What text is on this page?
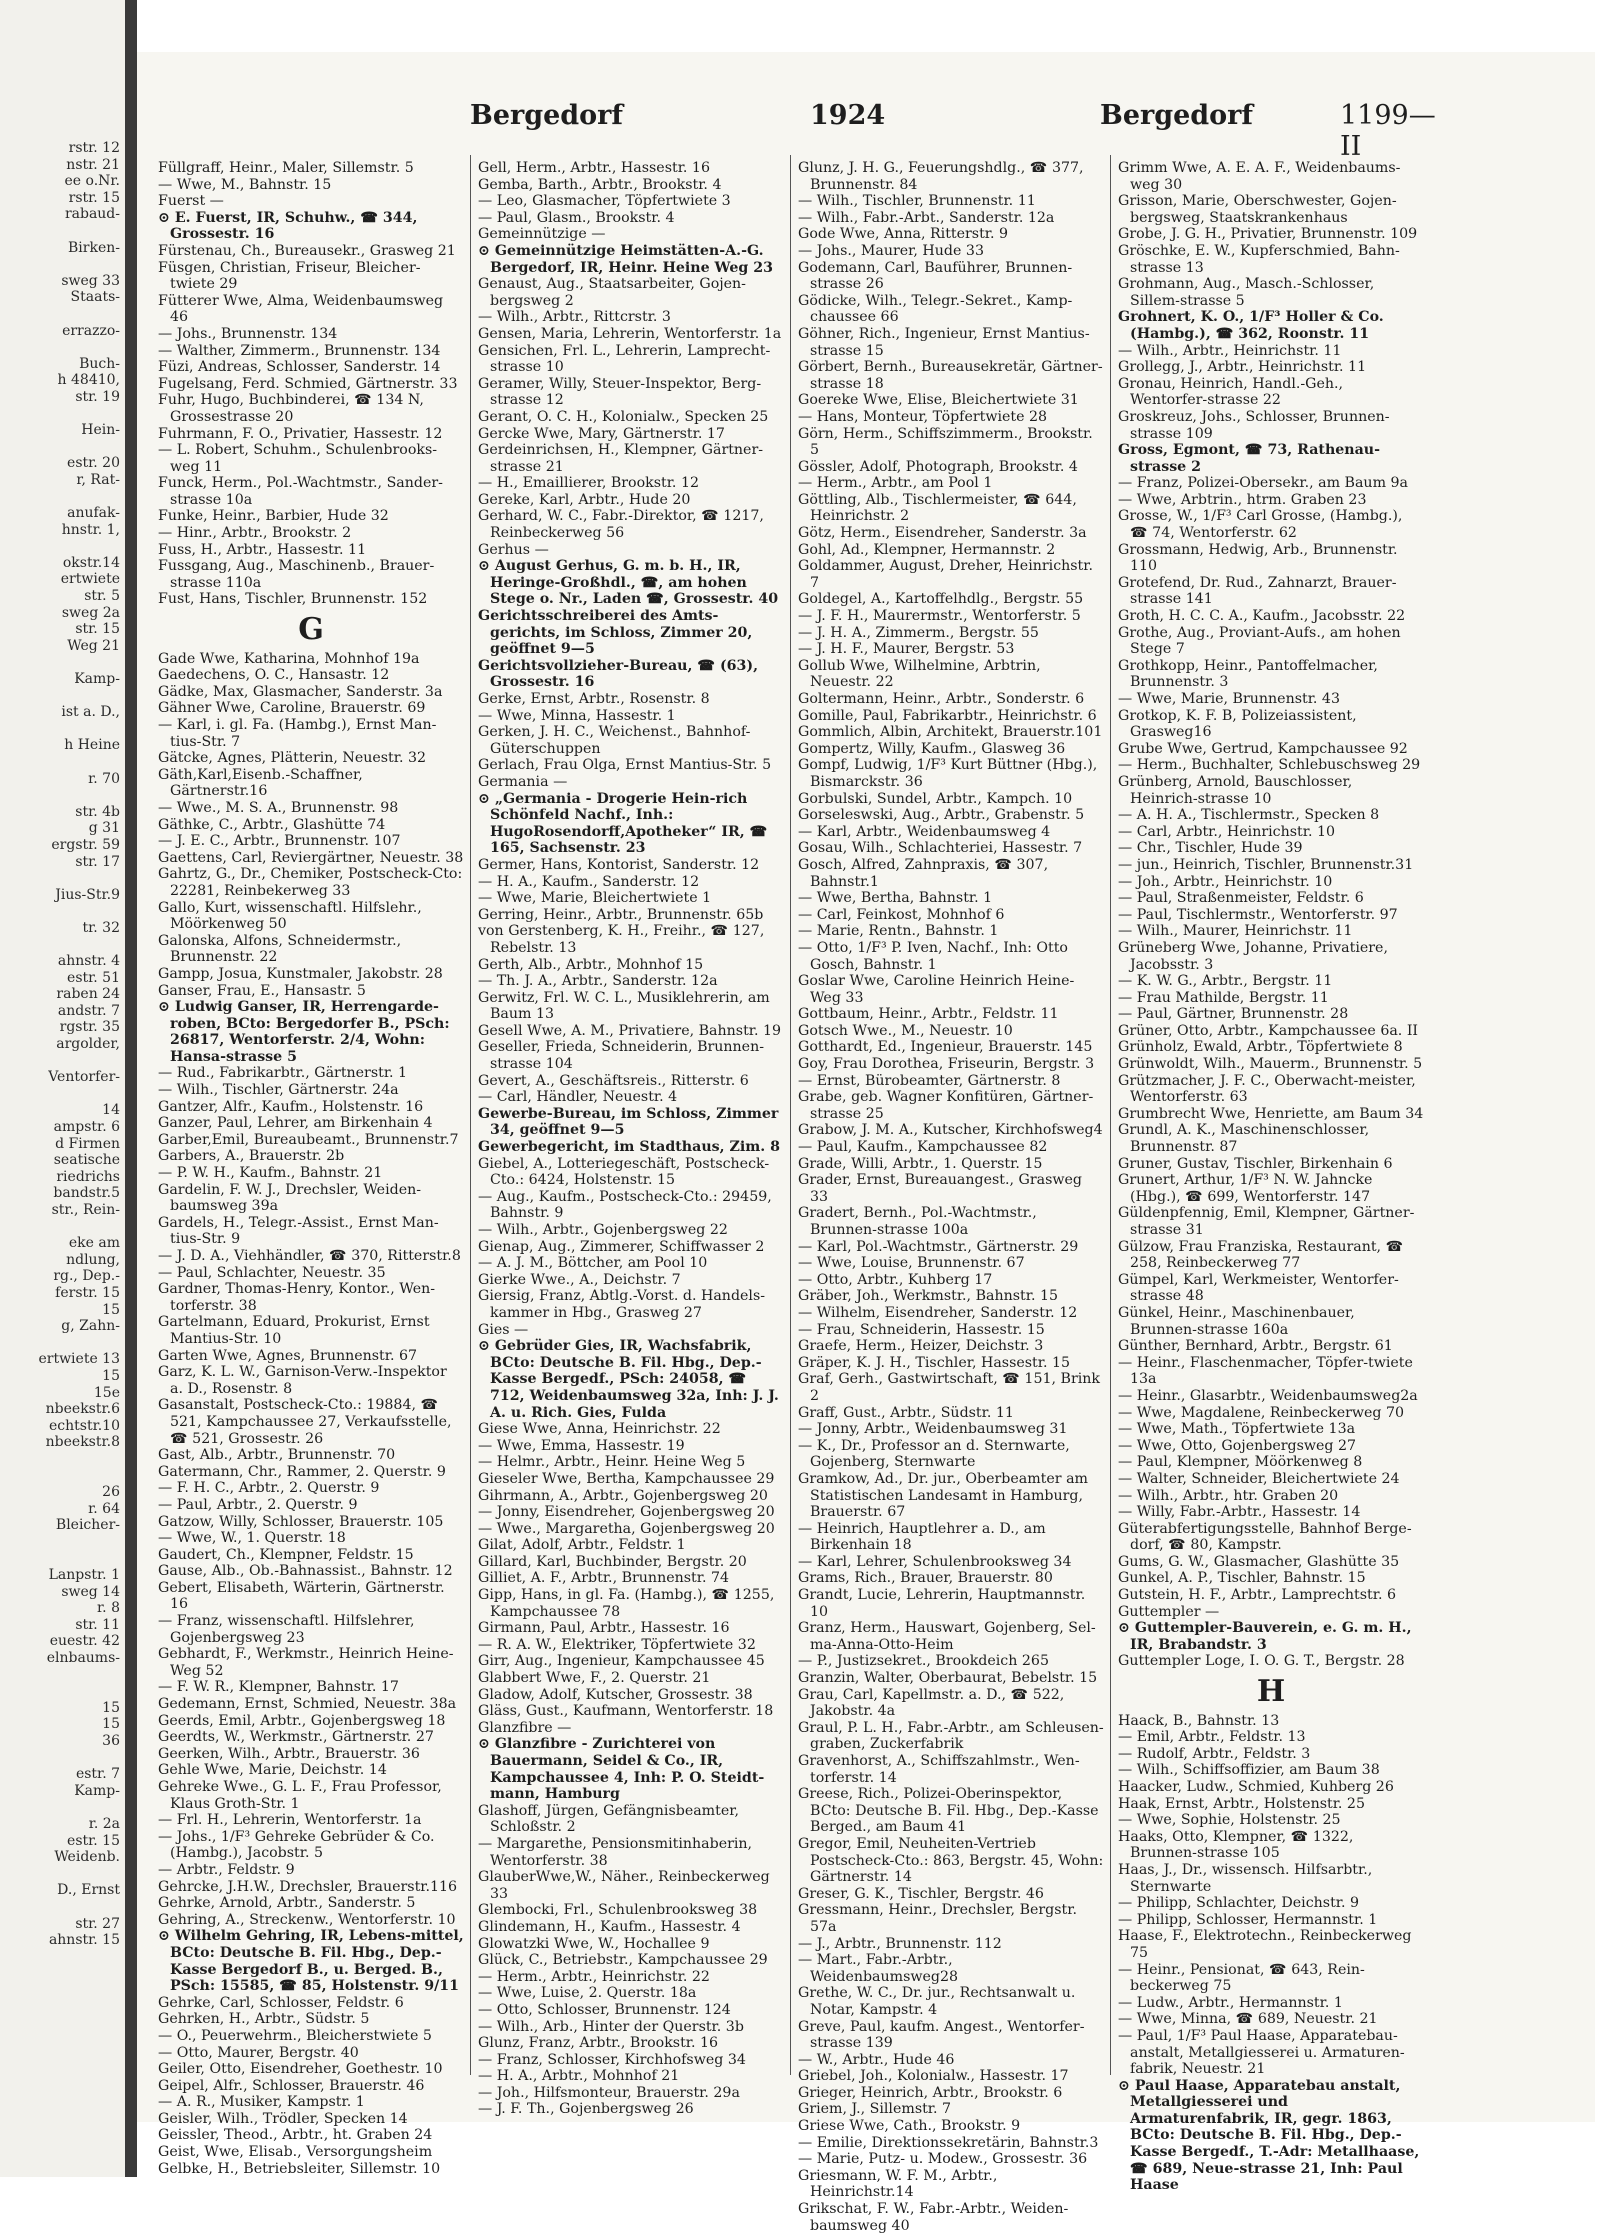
rstr. 12
nstr. 21
ee o.Nr.
rstr. 15
rabaud-

Birken-

sweg 33
Staats-

errazzo-

Buch-
h 48410,
str. 19

Hein-

estr. 20
r, Rat-

anufak-
hnstr. 1,

okstr.14
ertwiete
str. 5
sweg 2a
str. 15
Weg 21

Kamp-

ist a. D.,

h Heine

r. 70

str. 4b
g 31
ergstr. 59
str. 17

Jius-Str.9

tr. 32

ahnstr. 4
estr. 51
raben 24
andstr. 7
rgstr. 35
argolder,

Ventorfer-

14
ampstr. 6
d Firmen
seatische
riedrichs
bandstr.5
str., Rein-

eke am
ndlung,
rg., Dep.-
ferstr. 15
15
g, Zahn-

ertwiete 13
15
15e
nbeekstr.6
echtstr.10
nbeekstr.8

26
r. 64
Bleicher-

Lanpstr. 1
sweg 14
r. 8
str. 11
euestr. 42
elnbaums-

15
15
36

estr. 7
Kamp-

r. 2a
estr. 15
Weidenb.

D., Ernst

str. 27
ahnstr. 15
Bergedorf	1924	Bergedorf	1199—II
Füllgraff, Heinr., Maler, Sillemstr. 5
— Wwe, M., Bahnstr. 15
Fuerst —
⊙ E. Fuerst, IR, Schuhw., ☎ 344, Grossestr. 16
Fürstenau, Ch., Bureausekr., Grasweg 21
Füsgen, Christian, Friseur, Bleicher-twiete 29
Fütterer Wwe, Alma, Weidenbaumsweg 46
— Johs., Brunnenstr. 134
— Walther, Zimmerm., Brunnenstr. 134
Füzi, Andreas, Schlosser, Sanderstr. 14
Fugelsang, Ferd. Schmied, Gärtnerstr. 33
Fuhr, Hugo, Buchbinderei, ☎ 134 N, Grossestrasse 20
Fuhrmann, F. O., Privatier, Hassestr. 12
— L. Robert, Schuhm., Schulenbrooks-weg 11
Funck, Herm., Pol.-Wachtmstr., Sander-strasse 10a
Funke, Heinr., Barbier, Hude 32
— Hinr., Arbtr., Brookstr. 2
Fuss, H., Arbtr., Hassestr. 11
Fussgang, Aug., Maschinenb., Brauer-strasse 110a
Fust, Hans, Tischler, Brunnenstr. 152
G
Gade Wwe, Katharina, Mohnhof 19a
Gaedechens, O. C., Hansastr. 12
Gädke, Max, Glasmacher, Sanderstr. 3a
Gähner Wwe, Caroline, Brauerstr. 69
— Karl, i. gl. Fa. (Hambg.), Ernst Man-tius-Str. 7
Gätcke, Agnes, Plätterin, Neuestr. 32
Gäth,Karl,Eisenb.-Schaffner, Gärtnerstr.16
— Wwe., M. S. A., Brunnenstr. 98
Gäthke, C., Arbtr., Glashütte 74
— J. E. C., Arbtr., Brunnenstr. 107
Gaettens, Carl, Reviergärtner, Neuestr. 38
Gahrtz, G., Dr., Chemiker, Postscheck-Cto: 22281, Reinbekerweg 33
Gallo, Kurt, wissenschaftl. Hilfslehr., Möörkenweg 50
Galonska, Alfons, Schneidermstr., Brunnenstr. 22
Gampp, Josua, Kunstmaler, Jakobstr. 28
Ganser, Frau, E., Hansastr. 5
⊙ Ludwig Ganser, IR, Herrengarde-roben, BCto: Bergedorfer B., PSch: 26817, Wentorferstr. 2/4, Wohn: Hansa-strasse 5
— Rud., Fabrikarbtr., Gärtnerstr. 1
— Wilh., Tischler, Gärtnerstr. 24a
Gantzer, Alfr., Kaufm., Holstenstr. 16
Ganzer, Paul, Lehrer, am Birkenhain 4
Garber,Emil, Bureaubeamt., Brunnenstr.7
Garbers, A., Brauerstr. 2b
— P. W. H., Kaufm., Bahnstr. 21
Gardelin, F. W. J., Drechsler, Weiden-baumsweg 39a
Gardels, H., Telegr.-Assist., Ernst Man-tius-Str. 9
— J. D. A., Viehhändler, ☎ 370, Ritterstr.8
— Paul, Schlachter, Neuestr. 35
Gardner, Thomas-Henry, Kontor., Wen-torferstr. 38
Gartelmann, Eduard, Prokurist, Ernst Mantius-Str. 10
Garten Wwe, Agnes, Brunnenstr. 67
Garz, K. L. W., Garnison-Verw.-Inspektor a. D., Rosenstr. 8
Gasanstalt, Postscheck-Cto.: 19884, ☎ 521, Kampchaussee 27, Verkaufsstelle, ☎ 521, Grossestr. 26
Gast, Alb., Arbtr., Brunnenstr. 70
Gatermann, Chr., Rammer, 2. Querstr. 9
— F. H. C., Arbtr., 2. Querstr. 9
— Paul, Arbtr., 2. Querstr. 9
Gatzow, Willy, Schlosser, Brauerstr. 105
— Wwe, W., 1. Querstr. 18
Gaudert, Ch., Klempner, Feldstr. 15
Gause, Alb., Ob.-Bahnassist., Bahnstr. 12
Gebert, Elisabeth, Wärterin, Gärtnerstr. 16
— Franz, wissenschaftl. Hilfslehrer, Gojenbergsweg 23
Gebhardt, F., Werkmstr., Heinrich Heine-Weg 52
— F. W. R., Klempner, Bahnstr. 17
Gedemann, Ernst, Schmied, Neuestr. 38a
Geerds, Emil, Arbtr., Gojenbergsweg 18
Geerdts, W., Werkmstr., Gärtnerstr. 27
Geerken, Wilh., Arbtr., Brauerstr. 36
Gehle Wwe, Marie, Deichstr. 14
Gehreke Wwe., G. L. F., Frau Professor, Klaus Groth-Str. 1
— Frl. H., Lehrerin, Wentorferstr. 1a
— Johs., 1/F³ Gehreke Gebrüder & Co. (Hambg.), Jacobstr. 5
— Arbtr., Feldstr. 9
Gehrcke, J.H.W., Drechsler, Brauerstr.116
Gehrke, Arnold, Arbtr., Sanderstr. 5
Gehring, A., Streckenw., Wentorferstr. 10
⊙ Wilhelm Gehring, IR, Lebens-mittel, BCto: Deutsche B. Fil. Hbg., Dep.-Kasse Bergedorf B., u. Berged. B., PSch: 15585, ☎ 85, Holstenstr. 9/11
Gehrke, Carl, Schlosser, Feldstr. 6
Gehrken, H., Arbtr., Südstr. 5
— O., Peuerwehrm., Bleicherstwiete 5
— Otto, Maurer, Bergstr. 40
Geiler, Otto, Eisendreher, Goethestr. 10
Geipel, Alfr., Schlosser, Brauerstr. 46
— A. R., Musiker, Kampstr. 1
Geisler, Wilh., Trödler, Specken 14
Geissler, Theod., Arbtr., ht. Graben 24
Geist, Wwe, Elisab., Versorgungsheim
Gelbke, H., Betriebsleiter, Sillemstr. 10
Gell, Herm., Arbtr., Hassestr. 16
Gemba, Barth., Arbtr., Brookstr. 4
— Leo, Glasmacher, Töpfertwiete 3
— Paul, Glasm., Brookstr. 4
Gemeinnützige —
⊙ Gemeinnützige Heimstätten-A.-G. Bergedorf, IR, Heinr. Heine Weg 23
Genaust, Aug., Staatsarbeiter, Gojen-bergsweg 2
— Wilh., Arbtr., Rittcrstr. 3
Gensen, Maria, Lehrerin, Wentorferstr. 1a
Gensichen, Frl. L., Lehrerin, Lamprecht-strasse 10
Geramer, Willy, Steuer-Inspektor, Berg-strasse 12
Gerant, O. C. H., Kolonialw., Specken 25
Gercke Wwe, Mary, Gärtnerstr. 17
Gerdeinrichsen, H., Klempner, Gärtner-strasse 21
— H., Emaillierer, Brookstr. 12
Gereke, Karl, Arbtr., Hude 20
Gerhard, W. C., Fabr.-Direktor, ☎ 1217, Reinbeckerweg 56
Gerhus —
⊙ August Gerhus, G. m. b. H., IR, Heringe-Großhdl., ☎, am hohen Stege o. Nr., Laden ☎, Grossestr. 40
Gerichtsschreiberei des Amts-gerichts, im Schloss, Zimmer 20, geöffnet 9—5
Gerichtsvollzieher-Bureau, ☎ (63), Grossestr. 16
Gerke, Ernst, Arbtr., Rosenstr. 8
— Wwe, Minna, Hassestr. 1
Gerken, J. H. C., Weichenst., Bahnhof-Güterschuppen
Gerlach, Frau Olga, Ernst Mantius-Str. 5
Germania —
⊙ „Germania - Drogerie Hein-rich Schönfeld Nachf., Inh.: HugoRosendorff,Apotheker“ IR, ☎ 165, Sachsenstr. 23
Germer, Hans, Kontorist, Sanderstr. 12
— H. A., Kaufm., Sanderstr. 12
— Wwe, Marie, Bleichertwiete 1
Gerring, Heinr., Arbtr., Brunnenstr. 65b
von Gerstenberg, K. H., Freihr., ☎ 127, Rebelstr. 13
Gerth, Alb., Arbtr., Mohnhof 15
— Th. J. A., Arbtr., Sanderstr. 12a
Gerwitz, Frl. W. C. L., Musiklehrerin, am Baum 13
Gesell Wwe, A. M., Privatiere, Bahnstr. 19
Geseller, Frieda, Schneiderin, Brunnen-strasse 104
Gevert, A., Geschäftsreis., Ritterstr. 6
— Carl, Händler, Neuestr. 4
Gewerbe-Bureau, im Schloss, Zimmer 34, geöffnet 9—5
Gewerbegericht, im Stadthaus, Zim. 8
Giebel, A., Lotteriegeschäft, Postscheck-Cto.: 6424, Holstenstr. 15
— Aug., Kaufm., Postscheck-Cto.: 29459, Bahnstr. 9
— Wilh., Arbtr., Gojenbergsweg 22
Gienap, Aug., Zimmerer, Schiffwasser 2
— A. J. M., Böttcher, am Pool 10
Gierke Wwe., A., Deichstr. 7
Giersig, Franz, Abtlg.-Vorst. d. Handels-kammer in Hbg., Grasweg 27
Gies —
⊙ Gebrüder Gies, IR, Wachsfabrik, BCto: Deutsche B. Fil. Hbg., Dep.-Kasse Bergedf., PSch: 24058, ☎ 712, Weidenbaumsweg 32a, Inh: J. J. A. u. Rich. Gies, Fulda
Giese Wwe, Anna, Heinrichstr. 22
— Wwe, Emma, Hassestr. 19
— Helmr., Arbtr., Heinr. Heine Weg 5
Gieseler Wwe, Bertha, Kampchaussee 29
Gihrmann, A., Arbtr., Gojenbergsweg 20
— Jonny, Eisendreher, Gojenbergsweg 20
— Wwe., Margaretha, Gojenbergsweg 20
Gilat, Adolf, Arbtr., Feldstr. 1
Gillard, Karl, Buchbinder, Bergstr. 20
Gilliet, A. F., Arbtr., Brunnenstr. 74
Gipp, Hans, in gl. Fa. (Hambg.), ☎ 1255, Kampchaussee 78
Girmann, Paul, Arbtr., Hassestr. 16
— R. A. W., Elektriker, Töpfertwiete 32
Girr, Aug., Ingenieur, Kampchaussee 45
Glabbert Wwe, F., 2. Querstr. 21
Gladow, Adolf, Kutscher, Grossestr. 38
Gläss, Gust., Kaufmann, Wentorferstr. 18
Glanzfibre —
⊙ Glanzfibre - Zurichterei von Bauermann, Seidel & Co., IR, Kampchaussee 4, Inh: P. O. Steidt-mann, Hamburg
Glashoff, Jürgen, Gefängnisbeamter, Schloßstr. 2
— Margarethe, Pensionsmitinhaberin, Wentorferstr. 38
GlauberWwe,W., Näher., Reinbeckerweg 33
Glembocki, Frl., Schulenbrooksweg 38
Glindemann, H., Kaufm., Hassestr. 4
Glowatzki Wwe, W., Hochallee 9
Glück, C., Betriebstr., Kampchaussee 29
— Herm., Arbtr., Heinrichstr. 22
— Wwe, Luise, 2. Querstr. 18a
— Otto, Schlosser, Brunnenstr. 124
— Wilh., Arb., Hinter der Querstr. 3b
Glunz, Franz, Arbtr., Brookstr. 16
— Franz, Schlosser, Kirchhofsweg 34
— H. A., Arbtr., Mohnhof 21
— Joh., Hilfsmonteur, Brauerstr. 29a
— J. F. Th., Gojenbergsweg 26
Glunz, J. H. G., Feuerungshdlg., ☎ 377, Brunnenstr. 84
— Wilh., Tischler, Brunnenstr. 11
— Wilh., Fabr.-Arbt., Sanderstr. 12a
Gode Wwe, Anna, Ritterstr. 9
— Johs., Maurer, Hude 33
Godemann, Carl, Bauführer, Brunnen-strasse 26
Gödicke, Wilh., Telegr.-Sekret., Kamp-chaussee 66
Göhner, Rich., Ingenieur, Ernst Mantius-strasse 15
Görbert, Bernh., Bureausekretär, Gärtner-strasse 18
Goereke Wwe, Elise, Bleichertwiete 31
— Hans, Monteur, Töpfertwiete 28
Görn, Herm., Schiffszimmerm., Brookstr. 5
Gössler, Adolf, Photograph, Brookstr. 4
— Herm., Arbtr., am Pool 1
Göttling, Alb., Tischlermeister, ☎ 644, Heinrichstr. 2
Götz, Herm., Eisendreher, Sanderstr. 3a
Gohl, Ad., Klempner, Hermannstr. 2
Goldammer, August, Dreher, Heinrichstr. 7
Goldegel, A., Kartoffelhdlg., Bergstr. 55
— J. F. H., Maurermstr., Wentorferstr. 5
— J. H. A., Zimmerm., Bergstr. 55
— J. H. F., Maurer, Bergstr. 53
Gollub Wwe, Wilhelmine, Arbtrin, Neuestr. 22
Goltermann, Heinr., Arbtr., Sonderstr. 6
Gomille, Paul, Fabrikarbtr., Heinrichstr. 6
Gommlich, Albin, Architekt, Brauerstr.101
Gompertz, Willy, Kaufm., Glasweg 36
Gompf, Ludwig, 1/F³ Kurt Büttner (Hbg.), Bismarckstr. 36
Gorbulski, Sundel, Arbtr., Kampch. 10
Gorseleswski, Aug., Arbtr., Grabenstr. 5
— Karl, Arbtr., Weidenbaumsweg 4
Gosau, Wilh., Schlachteriei, Hassestr. 7
Gosch, Alfred, Zahnpraxis, ☎ 307, Bahnstr.1
— Wwe, Bertha, Bahnstr. 1
— Carl, Feinkost, Mohnhof 6
— Marie, Rentn., Bahnstr. 1
— Otto, 1/F³ P. Iven, Nachf., Inh: Otto Gosch, Bahnstr. 1
Goslar Wwe, Caroline Heinrich Heine-Weg 33
Gottbaum, Heinr., Arbtr., Feldstr. 11
Gotsch Wwe., M., Neuestr. 10
Gotthardt, Ed., Ingenieur, Brauerstr. 145
Goy, Frau Dorothea, Friseurin, Bergstr. 3
— Ernst, Bürobeamter, Gärtnerstr. 8
Grabe, geb. Wagner Konfitüren, Gärtner-strasse 25
Grabow, J. M. A., Kutscher, Kirchhofsweg4
— Paul, Kaufm., Kampchaussee 82
Grade, Willi, Arbtr., 1. Querstr. 15
Grader, Ernst, Bureauangest., Grasweg 33
Gradert, Bernh., Pol.-Wachtmstr., Brunnen-strasse 100a
— Karl, Pol.-Wachtmstr., Gärtnerstr. 29
— Wwe, Louise, Brunnenstr. 67
— Otto, Arbtr., Kuhberg 17
Gräber, Joh., Werkmstr., Bahnstr. 15
— Wilhelm, Eisendreher, Sanderstr. 12
— Frau, Schneiderin, Hassestr. 15
Graefe, Herm., Heizer, Deichstr. 3
Gräper, K. J. H., Tischler, Hassestr. 15
Graf, Gerh., Gastwirtschaft, ☎ 151, Brink 2
Graff, Gust., Arbtr., Südstr. 11
— Jonny, Arbtr., Weidenbaumsweg 31
— K., Dr., Professor an d. Sternwarte, Gojenberg, Sternwarte
Gramkow, Ad., Dr. jur., Oberbeamter am Statistischen Landesamt in Hamburg, Brauerstr. 67
— Heinrich, Hauptlehrer a. D., am Birkenhain 18
— Karl, Lehrer, Schulenbrooksweg 34
Grams, Rich., Brauer, Brauerstr. 80
Grandt, Lucie, Lehrerin, Hauptmannstr. 10
Granz, Herm., Hauswart, Gojenberg, Sel-ma-Anna-Otto-Heim
— P., Justizsekret., Brookdeich 265
Granzin, Walter, Oberbaurat, Bebelstr. 15
Grau, Carl, Kapellmstr. a. D., ☎ 522, Jakobstr. 4a
Graul, P. L. H., Fabr.-Arbtr., am Schleusen-graben, Zuckerfabrik
Gravenhorst, A., Schiffszahlmstr., Wen-torferstr. 14
Greese, Rich., Polizei-Oberinspektor, BCto: Deutsche B. Fil. Hbg., Dep.-Kasse Berged., am Baum 41
Gregor, Emil, Neuheiten-Vertrieb Postscheck-Cto.: 863, Bergstr. 45, Wohn: Gärtnerstr. 14
Greser, G. K., Tischler, Bergstr. 46
Gressmann, Heinr., Drechsler, Bergstr. 57a
— J., Arbtr., Brunnenstr. 112
— Mart., Fabr.-Arbtr., Weidenbaumsweg28
Grethe, W. C., Dr. jur., Rechtsanwalt u. Notar, Kampstr. 4
Greve, Paul, kaufm. Angest., Wentorfer-strasse 139
— W., Arbtr., Hude 46
Griebel, Joh., Kolonialw., Hassestr. 17
Grieger, Heinrich, Arbtr., Brookstr. 6
Griem, J., Sillemstr. 7
Griese Wwe, Cath., Brookstr. 9
— Emilie, Direktionssekretärin, Bahnstr.3
— Marie, Putz- u. Modew., Grossestr. 36
Griesmann, W. F. M., Arbtr., Heinrichstr.14
Grikschat, F. W., Fabr.-Arbtr., Weiden-baumsweg 40
Grimm Wwe, A. E. A. F., Weidenbaums-weg 30
Grisson, Marie, Oberschwester, Gojen-bergsweg, Staatskrankenhaus
Grobe, J. G. H., Privatier, Brunnenstr. 109
Gröschke, E. W., Kupferschmied, Bahn-strasse 13
Grohmann, Aug., Masch.-Schlosser, Sillem-strasse 5
Grohnert, K. O., 1/F³ Holler & Co. (Hambg.), ☎ 362, Roonstr. 11
— Wilh., Arbtr., Heinrichstr. 11
Grollegg, J., Arbtr., Heinrichstr. 11
Gronau, Heinrich, Handl.-Geh., Wentorfer-strasse 22
Groskreuz, Johs., Schlosser, Brunnen-strasse 109
Gross, Egmont, ☎ 73, Rathenau-strasse 2
— Franz, Polizei-Obersekr., am Baum 9a
— Wwe, Arbtrin., htrm. Graben 23
Grosse, W., 1/F³ Carl Grosse, (Hambg.), ☎ 74, Wentorferstr. 62
Grossmann, Hedwig, Arb., Brunnenstr. 110
Grotefend, Dr. Rud., Zahnarzt, Brauer-strasse 141
Groth, H. C. C. A., Kaufm., Jacobsstr. 22
Grothe, Aug., Proviant-Aufs., am hohen Stege 7
Grothkopp, Heinr., Pantoffelmacher, Brunnenstr. 3
— Wwe, Marie, Brunnenstr. 43
Grotkop, K. F. B, Polizeiassistent, Grasweg16
Grube Wwe, Gertrud, Kampchaussee 92
— Herm., Buchhalter, Schlebuschsweg 29
Grünberg, Arnold, Bauschlosser, Heinrich-strasse 10
— A. H. A., Tischlermstr., Specken 8
— Carl, Arbtr., Heinrichstr. 10
— Chr., Tischler, Hude 39
— jun., Heinrich, Tischler, Brunnenstr.31
— Joh., Arbtr., Heinrichstr. 10
— Paul, Straßenmeister, Feldstr. 6
— Paul, Tischlermstr., Wentorferstr. 97
— Wilh., Maurer, Heinrichstr. 11
Grüneberg Wwe, Johanne, Privatiere, Jacobsstr. 3
— K. W. G., Arbtr., Bergstr. 11
— Frau Mathilde, Bergstr. 11
— Paul, Gärtner, Brunnenstr. 28
Grüner, Otto, Arbtr., Kampchaussee 6a. II
Grünholz, Ewald, Arbtr., Töpfertwiete 8
Grünwoldt, Wilh., Mauerm., Brunnenstr. 5
Grützmacher, J. F. C., Oberwacht-meister, Wentorferstr. 63
Grumbrecht Wwe, Henriette, am Baum 34
Grundl, A. K., Maschinenschlosser, Brunnenstr. 87
Gruner, Gustav, Tischler, Birkenhain 6
Grunert, Arthur, 1/F³ N. W. Jahncke (Hbg.), ☎ 699, Wentorferstr. 147
Güldenpfennig, Emil, Klempner, Gärtner-strasse 31
Gülzow, Frau Franziska, Restaurant, ☎ 258, Reinbeckerweg 77
Gümpel, Karl, Werkmeister, Wentorfer-strasse 48
Günkel, Heinr., Maschinenbauer, Brunnen-strasse 160a
Günther, Bernhard, Arbtr., Bergstr. 61
— Heinr., Flaschenmacher, Töpfer-twiete 13a
— Heinr., Glasarbtr., Weidenbaumsweg2a
— Wwe, Magdalene, Reinbeckerweg 70
— Wwe, Math., Töpfertwiete 13a
— Wwe, Otto, Gojenbergsweg 27
— Paul, Klempner, Möörkenweg 8
— Walter, Schneider, Bleichertwiete 24
— Wilh., Arbtr., htr. Graben 20
— Willy, Fabr.-Arbtr., Hassestr. 14
Güterabfertigungsstelle, Bahnhof Berge-dorf, ☎ 80, Kampstr.
Gums, G. W., Glasmacher, Glashütte 35
Gunkel, A. P., Tischler, Bahnstr. 15
Gutstein, H. F., Arbtr., Lamprechtstr. 6
Guttempler —
⊙ Guttempler-Bauverein, e. G. m. H., IR, Brabandstr. 3
Guttempler Loge, I. O. G. T., Bergstr. 28
H
Haack, B., Bahnstr. 13
— Emil, Arbtr., Feldstr. 13
— Rudolf, Arbtr., Feldstr. 3
— Wilh., Schiffsoffizier, am Baum 38
Haacker, Ludw., Schmied, Kuhberg 26
Haak, Ernst, Arbtr., Holstenstr. 25
— Wwe, Sophie, Holstenstr. 25
Haaks, Otto, Klempner, ☎ 1322, Brunnen-strasse 105
Haas, J., Dr., wissensch. Hilfsarbtr., Sternwarte
— Philipp, Schlachter, Deichstr. 9
— Philipp, Schlosser, Hermannstr. 1
Haase, F., Elektrotechn., Reinbeckerweg 75
— Heinr., Pensionat, ☎ 643, Rein-beckerweg 75
— Ludw., Arbtr., Hermannstr. 1
— Wwe, Minna, ☎ 689, Neuestr. 21
— Paul, 1/F³ Paul Haase, Apparatebau-anstalt, Metallgiesserei u. Armaturen-fabrik, Neuestr. 21
⊙ Paul Haase, Apparatebau anstalt, Metallgiesserei und Armaturenfabrik, IR, gegr. 1863, BCto: Deutsche B. Fil. Hbg., Dep.-Kasse Bergedf., T.-Adr: Metallhaase, ☎ 689, Neue-strasse 21, Inh: Paul Haase
